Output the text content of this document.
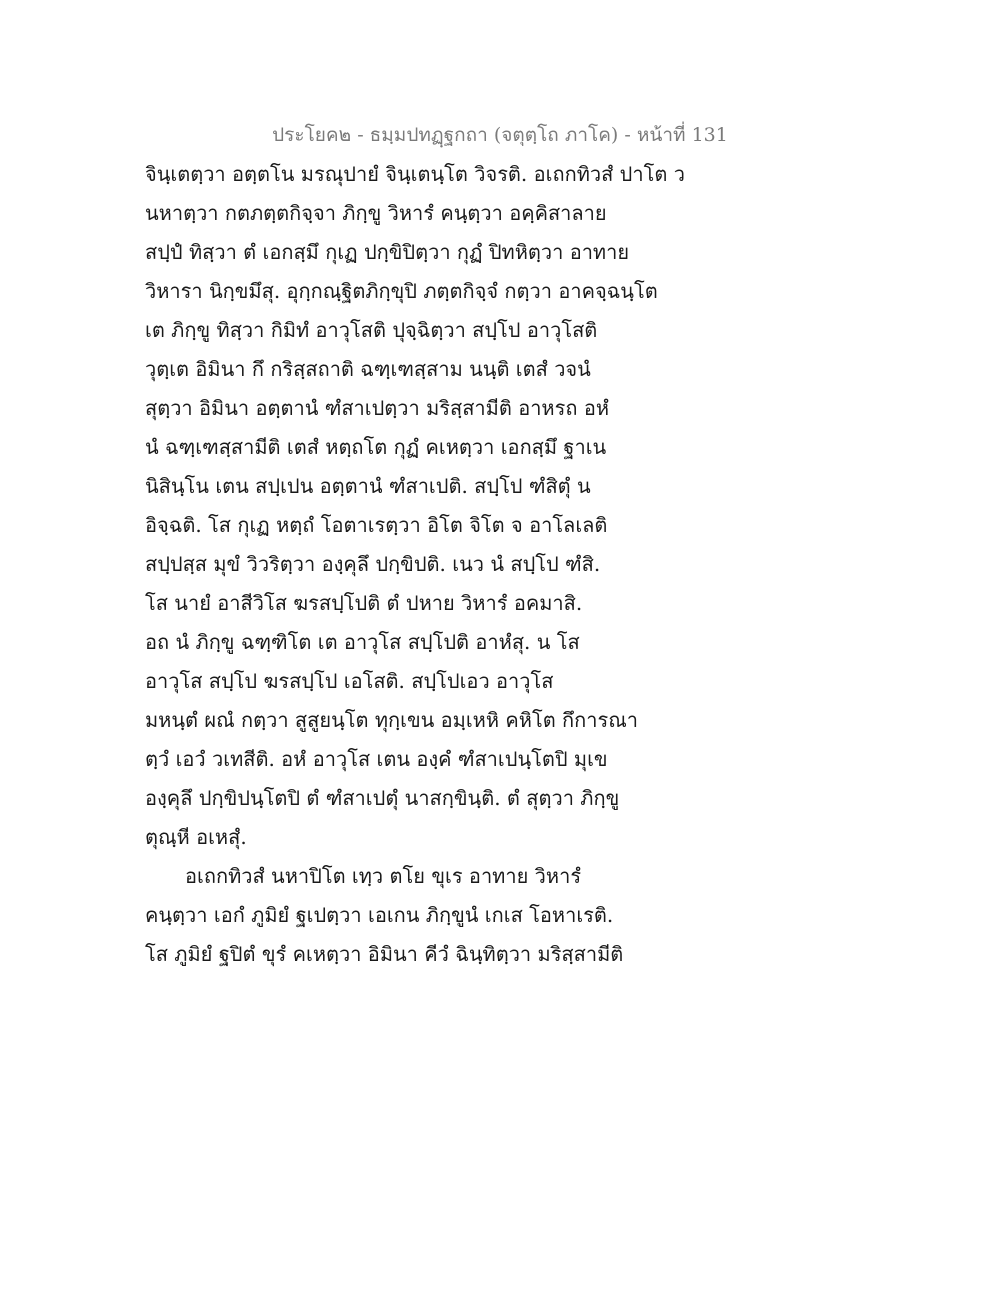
ประโยค๒ - ธมฺมปทฏฺฐกถา (จตุตฺโถ ภาโค) - หน้าที่ 131
จินฺเตตฺวา อตฺตโน มรณุปายํ จินฺเตนฺโต วิจรติ. อเถกทิวสํ ปาโต ว
นหาตฺวา กตภตฺตกิจฺจา ภิกฺขู วิหารํ คนฺตฺวา อคฺคิสาลาย
สปฺปํ ทิสฺวา ตํ เอกสฺมึ กุเฏ ปกฺขิปิตฺวา กุฏํ ปิทหิตฺวา อาทาย
วิหารา นิกฺขมึสุ. อุกฺกณฺฐิตภิกฺขุปิ ภตฺตกิจฺจํ กตฺวา อาคจฺฉนฺโต
เต ภิกฺขู ทิสฺวา กิมิทํ อาวุโสติ ปุจฺฉิตฺวา สปฺโป อาวุโสติ
วุตฺเต อิมินา กึ กริสฺสถาติ ฉฑฺเฑสฺสาม นนฺติ เตสํ วจนํ
สุตฺวา อิมินา อตฺตานํ ฑํสาเปตฺวา มริสฺสามีติ อาหรถ อหํ
นํ ฉฑฺเฑสฺสามีติ เตสํ หตฺถโต กุฏํ คเหตฺวา เอกสฺมึ ฐาเน
นิสินฺโน เตน สปฺเปน อตฺตานํ ฑํสาเปติ. สปฺโป ฑํสิตุํ น
อิจฺฉติ. โส กุเฏ หตฺถํ โอตาเรตฺวา อิโต จิโต จ อาโลเลติ
สปฺปสฺส มุขํ วิวริตฺวา องฺคุลึ ปกฺขิปติ. เนว นํ สปฺโป ฑํสิ.
โส นายํ อาสีวิโส ฆรสปฺโปติ ตํ ปหาย วิหารํ อคมาสิ.
อถ นํ ภิกฺขู ฉฑฺฑิโต เต อาวุโส สปฺโปติ อาหํสุ. น โส
อาวุโส สปฺโป ฆรสปฺโป เอโสติ. สปฺโปเอว อาวุโส
มหนฺตํ ผณํ กตฺวา สูสูยนฺโต ทุกฺเขน อมฺเหหิ คหิโต กึการณา
ตฺวํ เอวํ วเทสีติ. อหํ อาวุโส เตน องฺคํ ฑํสาเปนฺโตปิ มุเข
องฺคุลึ ปกฺขิปนฺโตปิ ตํ ฑํสาเปตุํ นาสกฺขินฺติ. ตํ สุตฺวา ภิกฺขู
ตุณฺหี อเหสุํ.
อเถกทิวสํ นหาปิโต เทฺว ตโย ขุเร อาทาย วิหารํ
คนฺตฺวา เอกํ ภูมิยํ ฐเปตฺวา เอเกน ภิกฺขูนํ เกเส โอหาเรติ.
โส ภูมิยํ ฐปิตํ ขุรํ คเหตฺวา อิมินา คีวํ ฉินฺทิตฺวา มริสฺสามีติ
